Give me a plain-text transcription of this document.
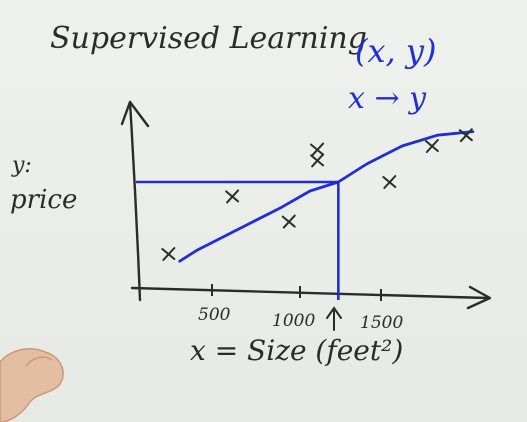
Supervised Learning
(x, y)
x → y
y:
price
500 1000	1500
x = Size (feet²)
